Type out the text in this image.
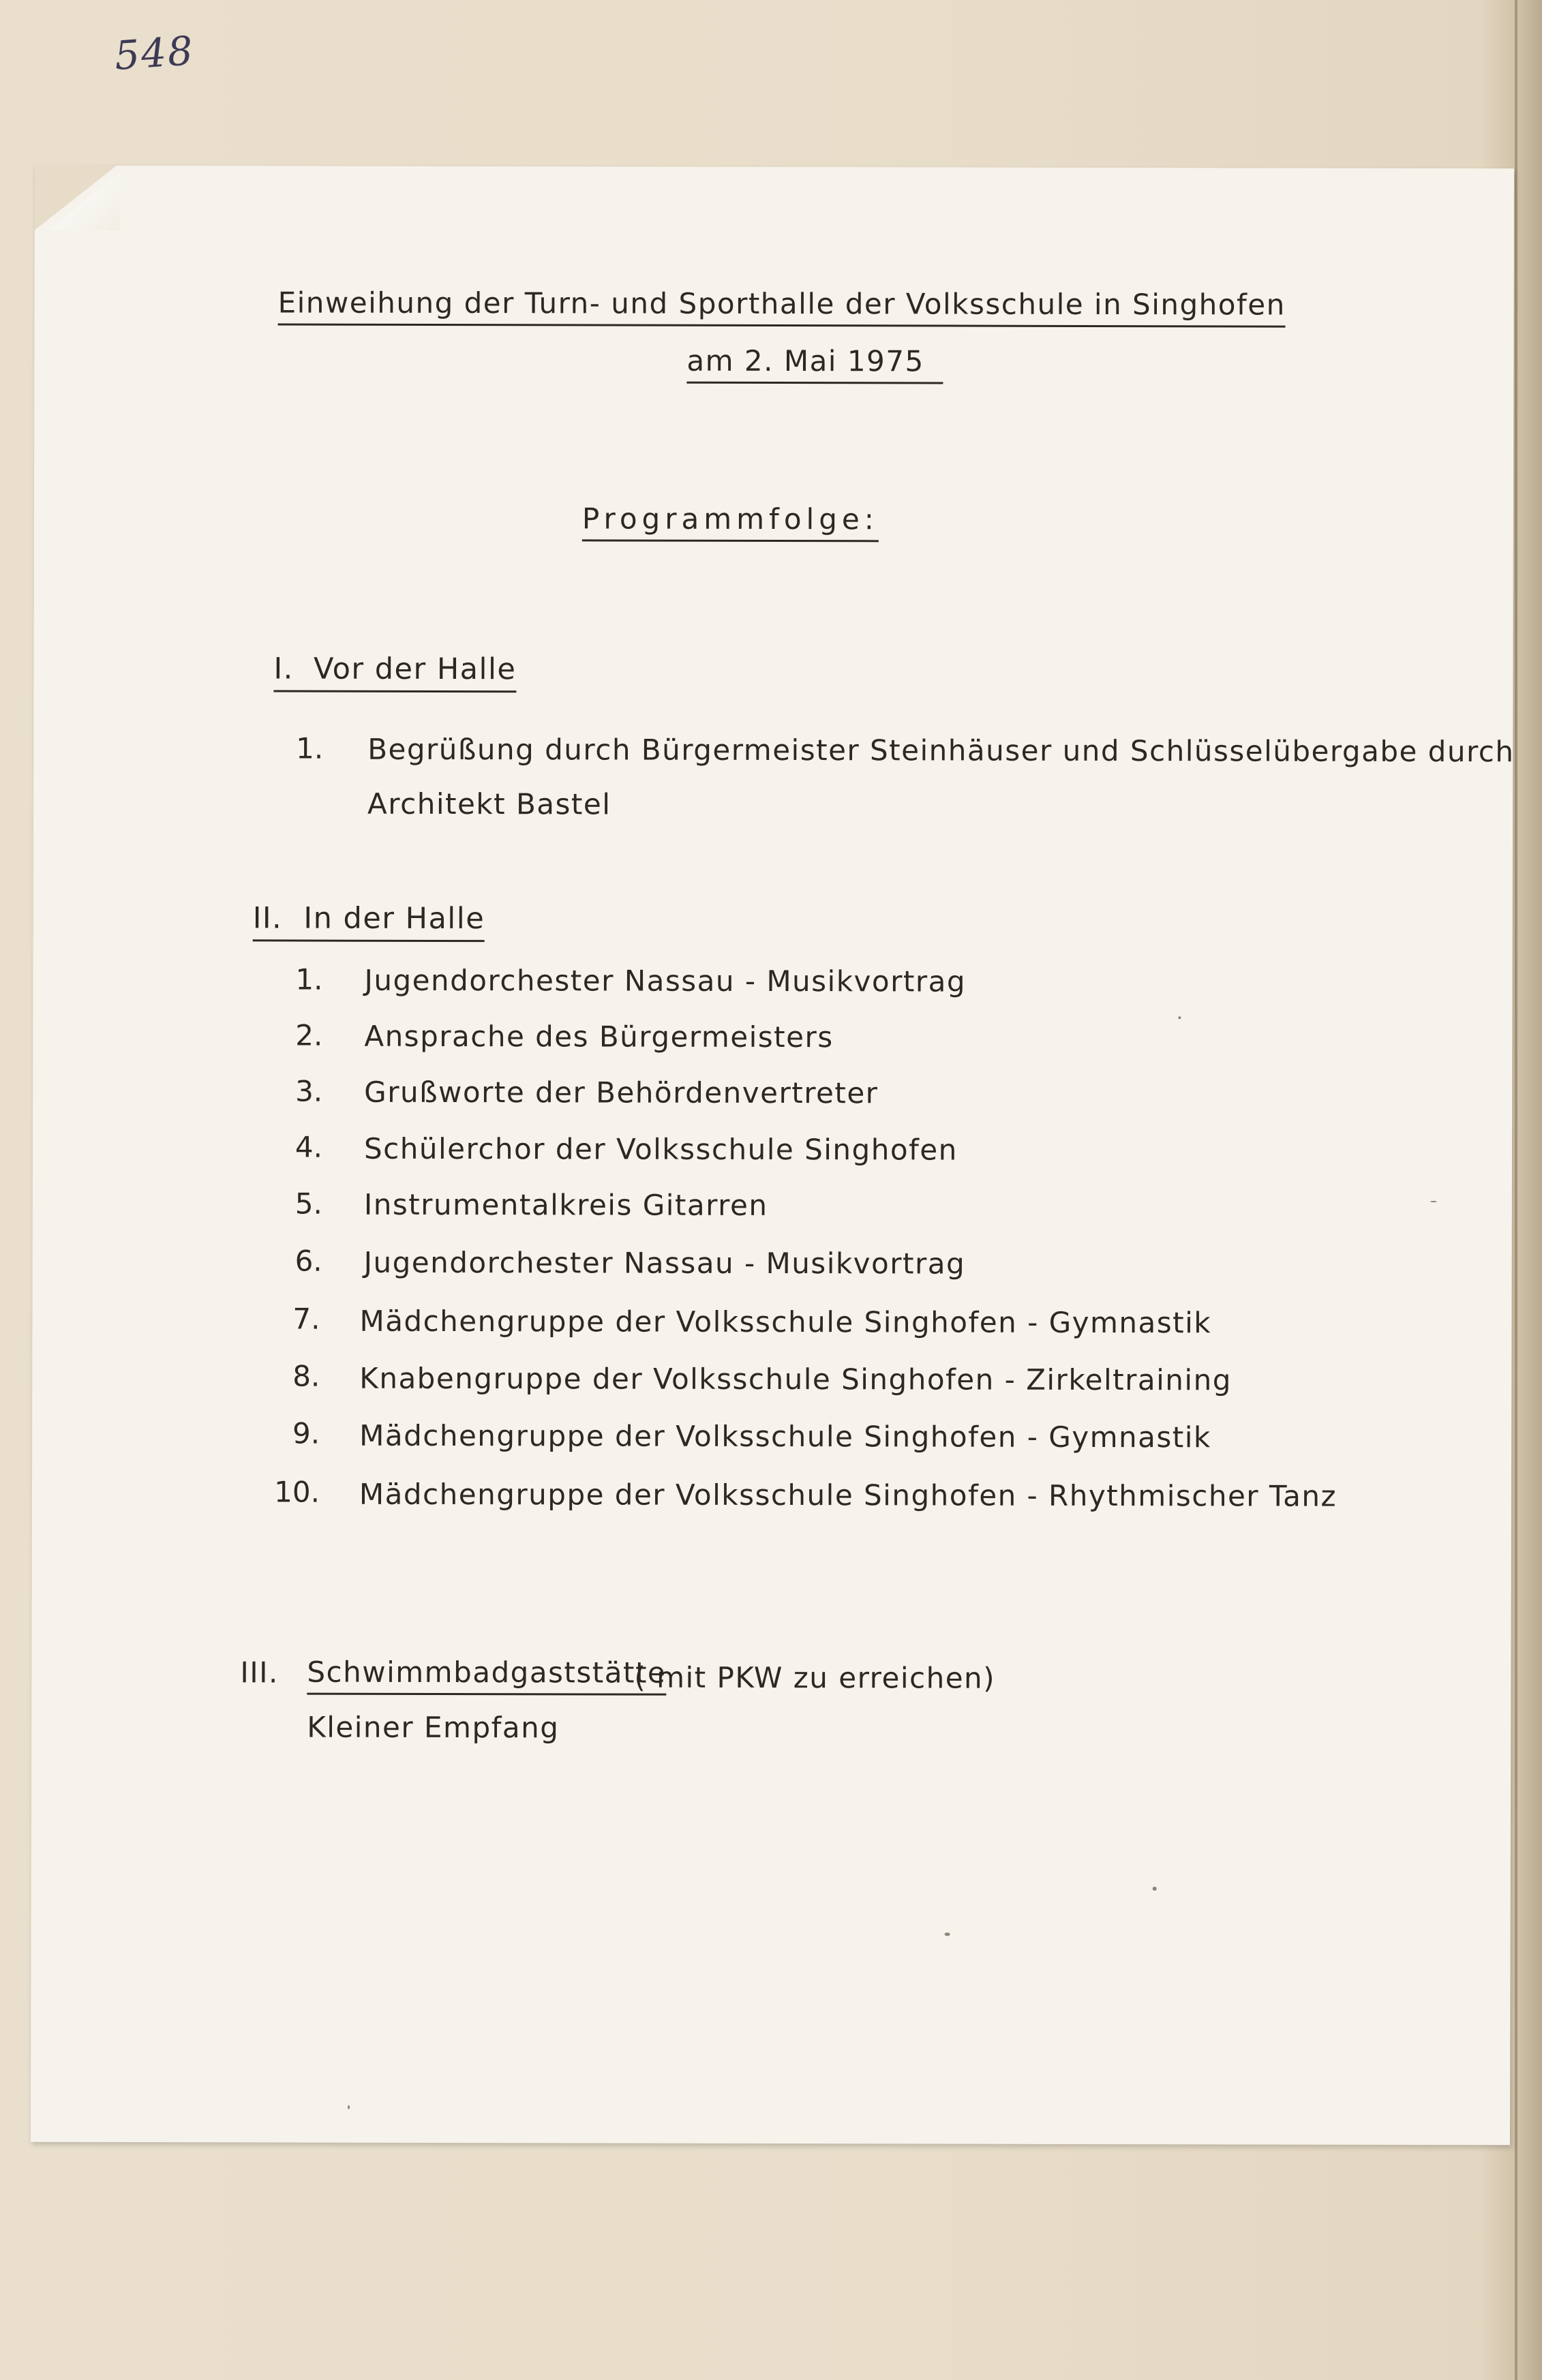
548
Einweihung der Turn- und Sporthalle der Volksschule in Singhofen
am 2. Mai 1975
Programmfolge:
I. Vor der Halle
1. Begrüßung durch Bürgermeister Steinhäuser und Schlüsselübergabe durch
Architekt Bastel
II. In der Halle
1. Jugendorchester Nassau - Musikvortrag
2. Ansprache des Bürgermeisters
3. Grußworte der Behördenvertreter
4. Schülerchor der Volksschule Singhofen
5. Instrumentalkreis Gitarren
6. Jugendorchester Nassau - Musikvortrag
7. Mädchengruppe der Volksschule Singhofen - Gymnastik
8. Knabengruppe der Volksschule Singhofen - Zirkeltraining
9. Mädchengruppe der Volksschule Singhofen - Gymnastik
10. Mädchengruppe der Volksschule Singhofen - Rhythmischer Tanz
III. Schwimmbadgaststätte
( mit PKW zu erreichen)
Kleiner Empfang
